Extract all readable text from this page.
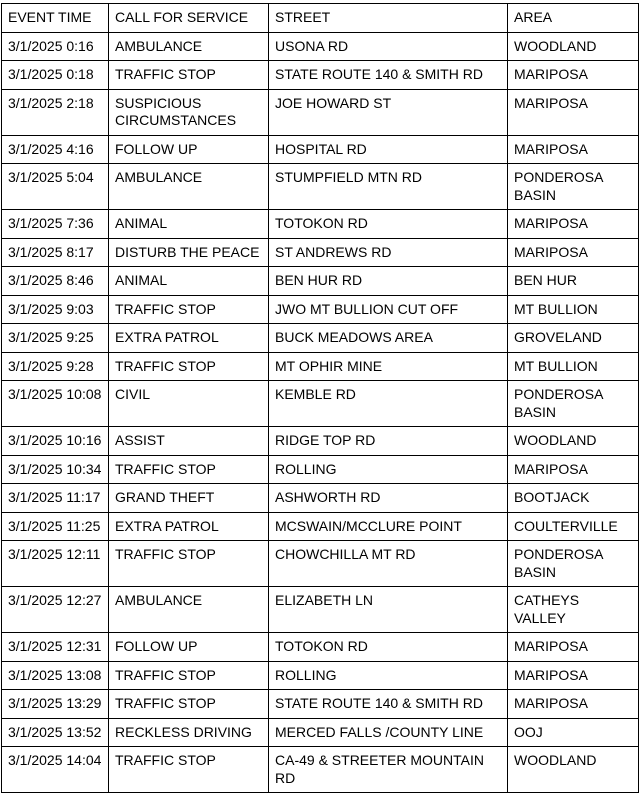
EVENT TIME	CALL FOR SERVICE	STREET	AREA
3/1/2025 0:16	AMBULANCE	USONA RD	WOODLAND
3/1/2025 0:18	TRAFFIC STOP	STATE ROUTE 140 & SMITH RD	MARIPOSA
3/1/2025 2:18	SUSPICIOUS CIRCUMSTANCES	JOE HOWARD ST	MARIPOSA
3/1/2025 4:16	FOLLOW UP	HOSPITAL RD	MARIPOSA
3/1/2025 5:04	AMBULANCE	STUMPFIELD MTN RD	PONDEROSA BASIN
3/1/2025 7:36	ANIMAL	TOTOKON RD	MARIPOSA
3/1/2025 8:17	DISTURB THE PEACE	ST ANDREWS RD	MARIPOSA
3/1/2025 8:46	ANIMAL	BEN HUR RD	BEN HUR
3/1/2025 9:03	TRAFFIC STOP	JWO MT BULLION CUT OFF	MT BULLION
3/1/2025 9:25	EXTRA PATROL	BUCK MEADOWS AREA	GROVELAND
3/1/2025 9:28	TRAFFIC STOP	MT OPHIR MINE	MT BULLION
3/1/2025 10:08	CIVIL	KEMBLE RD	PONDEROSA BASIN
3/1/2025 10:16	ASSIST	RIDGE TOP RD	WOODLAND
3/1/2025 10:34	TRAFFIC STOP	ROLLING	MARIPOSA
3/1/2025 11:17	GRAND THEFT	ASHWORTH RD	BOOTJACK
3/1/2025 11:25	EXTRA PATROL	MCSWAIN/MCCLURE POINT	COULTERVILLE
3/1/2025 12:11	TRAFFIC STOP	CHOWCHILLA MT RD	PONDEROSA BASIN
3/1/2025 12:27	AMBULANCE	ELIZABETH LN	CATHEYS VALLEY
3/1/2025 12:31	FOLLOW UP	TOTOKON RD	MARIPOSA
3/1/2025 13:08	TRAFFIC STOP	ROLLING	MARIPOSA
3/1/2025 13:29	TRAFFIC STOP	STATE ROUTE 140 & SMITH RD	MARIPOSA
3/1/2025 13:52	RECKLESS DRIVING	MERCED FALLS /COUNTY LINE	OOJ
3/1/2025 14:04	TRAFFIC STOP	CA-49 & STREETER MOUNTAIN RD	WOODLAND
